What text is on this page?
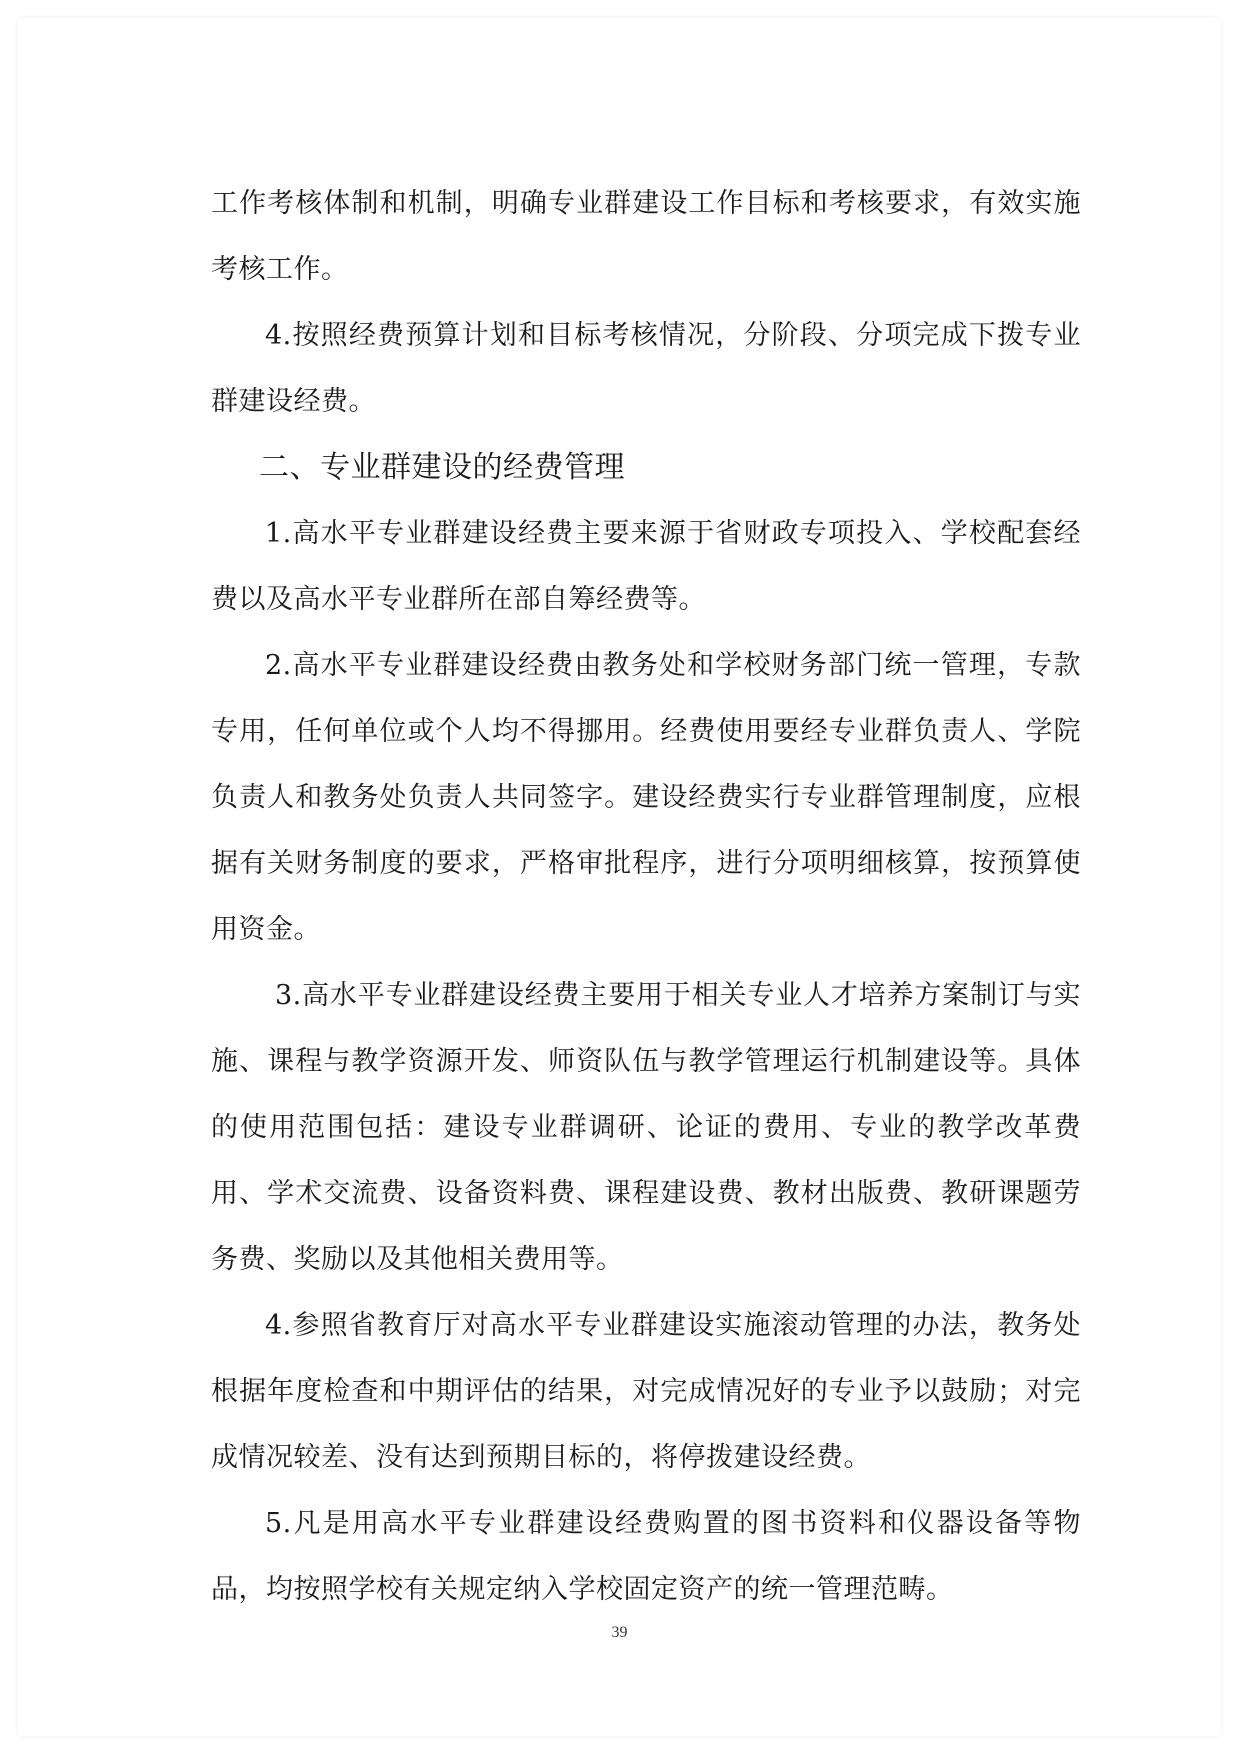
工作考核体制和机制，明确专业群建设工作目标和考核要求，有效实施考核工作。

4.按照经费预算计划和目标考核情况，分阶段、分项完成下拨专业群建设经费。

二、专业群建设的经费管理

1.高水平专业群建设经费主要来源于省财政专项投入、学校配套经费以及高水平专业群所在部自筹经费等。

2.高水平专业群建设经费由教务处和学校财务部门统一管理，专款专用，任何单位或个人均不得挪用。经费使用要经专业群负责人、学院负责人和教务处负责人共同签字。建设经费实行专业群管理制度，应根据有关财务制度的要求，严格审批程序，进行分项明细核算，按预算使用资金。

3.高水平专业群建设经费主要用于相关专业人才培养方案制订与实施、课程与教学资源开发、师资队伍与教学管理运行机制建设等。具体的使用范围包括：建设专业群调研、论证的费用、专业的教学改革费用、学术交流费、设备资料费、课程建设费、教材出版费、教研课题劳务费、奖励以及其他相关费用等。

4.参照省教育厅对高水平专业群建设实施滚动管理的办法，教务处根据年度检查和中期评估的结果，对完成情况好的专业予以鼓励；对完成情况较差、没有达到预期目标的，将停拨建设经费。

5.凡是用高水平专业群建设经费购置的图书资料和仪器设备等物品，均按照学校有关规定纳入学校固定资产的统一管理范畴。

39
